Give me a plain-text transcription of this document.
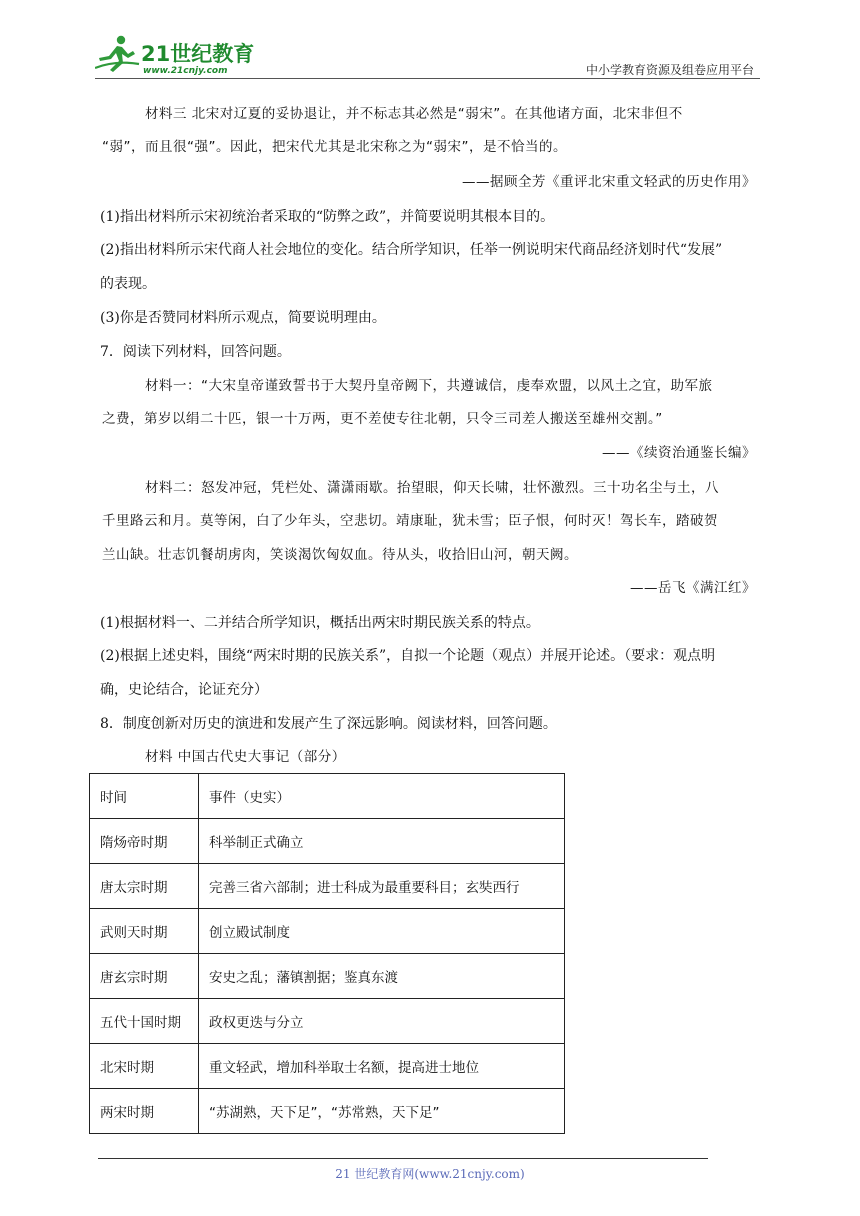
21世纪教育
www.21cnjy.com	中小学教育资源及组卷应用平台
材料三 北宋对辽夏的妥协退让，并不标志其必然是“弱宋”。在其他诸方面，北宋非但不
“弱”，而且很“强”。因此，把宋代尤其是北宋称之为“弱宋”，是不恰当的。
——据顾全芳《重评北宋重文轻武的历史作用》
(1)指出材料所示宋初统治者采取的“防弊之政”，并简要说明其根本目的。
(2)指出材料所示宋代商人社会地位的变化。结合所学知识，任举一例说明宋代商品经济划时代“发展”
的表现。
(3)你是否赞同材料所示观点，简要说明理由。
7．阅读下列材料，回答问题。
材料一：“大宋皇帝谨致誓书于大契丹皇帝阙下，共遵诚信，虔奉欢盟，以风土之宜，助军旅
之费，第岁以绢二十匹，银一十万两，更不差使专往北朝，只令三司差人搬送至雄州交割。”
——《续资治通鉴长编》
材料二：怒发冲冠，凭栏处、潇潇雨歇。抬望眼，仰天长啸，壮怀激烈。三十功名尘与土，八
千里路云和月。莫等闲，白了少年头，空悲切。靖康耻，犹未雪；臣子恨，何时灭！驾长车，踏破贺
兰山缺。壮志饥餐胡虏肉，笑谈渴饮匈奴血。待从头，收拾旧山河，朝天阙。
——岳飞《满江红》
(1)根据材料一、二并结合所学知识，概括出两宋时期民族关系的特点。
(2)根据上述史料，围绕“两宋时期的民族关系”，自拟一个论题（观点）并展开论述。（要求：观点明
确，史论结合，论证充分）
8．制度创新对历史的演进和发展产生了深远影响。阅读材料，回答问题。
材料 中国古代史大事记（部分）
时间	事件（史实）
隋炀帝时期	科举制正式确立
唐太宗时期	完善三省六部制；进士科成为最重要科目；玄奘西行
武则天时期	创立殿试制度
唐玄宗时期	安史之乱；藩镇割据；鉴真东渡
五代十国时期	政权更迭与分立
北宋时期	重文轻武，增加科举取士名额，提高进士地位
两宋时期	“苏湖熟，天下足”，“苏常熟，天下足”
21 世纪教育网(www.21cnjy.com)
